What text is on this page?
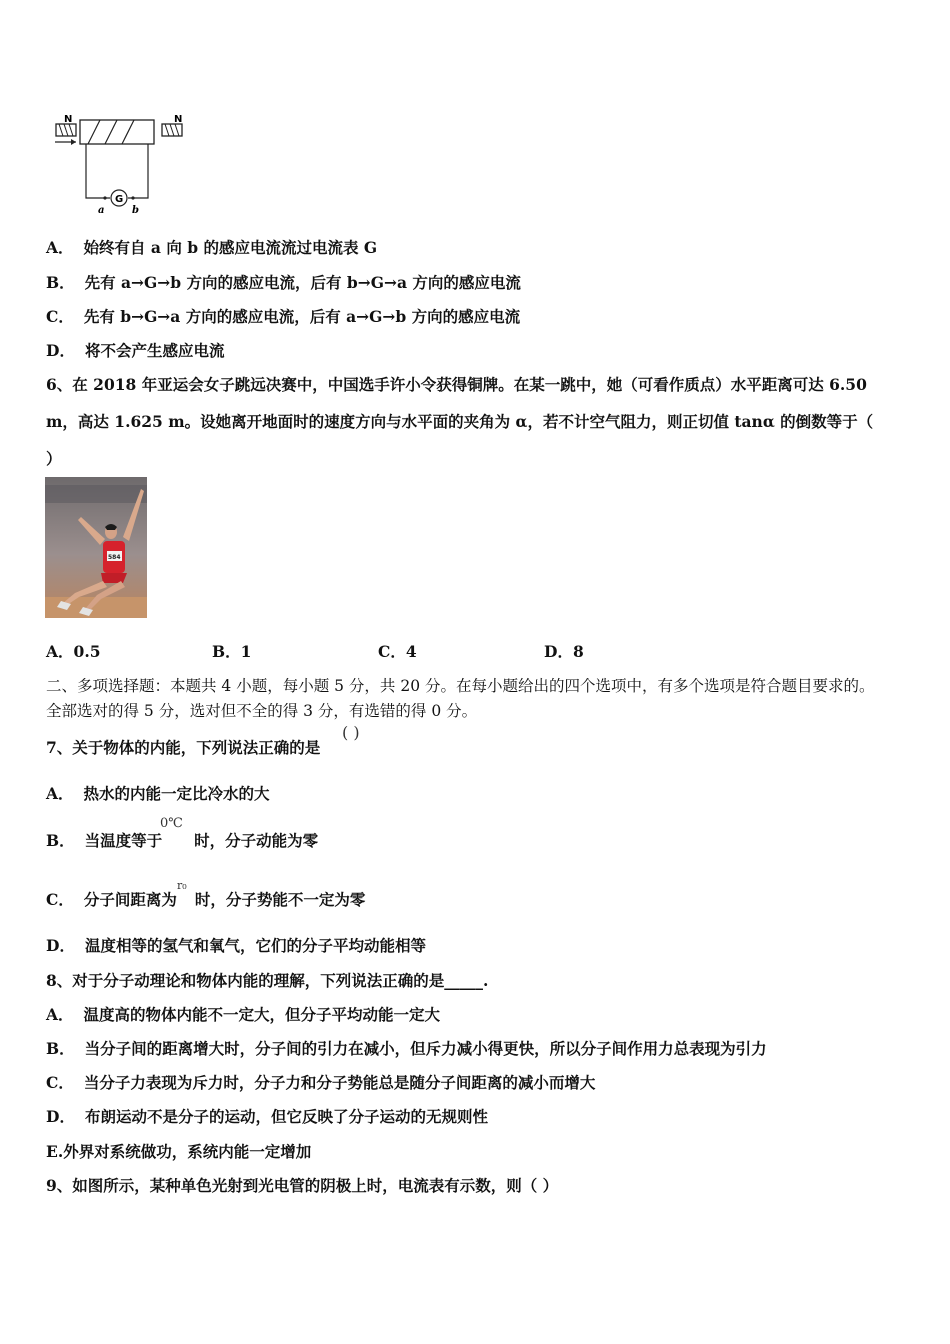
N	N
G
a	b
A． 始终有自 a 向 b 的感应电流流过电流表 G
B． 先有 a→G→b 方向的感应电流，后有 b→G→a 方向的感应电流
C． 先有 b→G→a 方向的感应电流，后有 a→G→b 方向的感应电流
D． 将不会产生感应电流
6、在 2018 年亚运会女子跳远决赛中，中国选手许小令获得铜牌。在某一跳中，她（可看作质点）水平距离可达 6.50
m，高达 1.625 m。设她离开地面时的速度方向与水平面的夹角为 α，若不计空气阻力，则正切值 tanα 的倒数等于（
）
584
A．0.5	B．1	C．4	D．8
二、多项选择题：本题共 4 小题，每小题 5 分，共 20 分。在每小题给出的四个选项中，有多个选项是符合题目要求的。
全部选对的得 5 分，选对但不全的得 3 分，有选错的得 0 分。
7、关于物体的内能，下列说法正确的是
( )
A． 热水的内能一定比冷水的大
B． 当温度等于 时，分子动能为零
0℃
C． 分子间距离为 时，分子势能不一定为零
r₀
D． 温度相等的氢气和氧气，它们的分子平均动能相等
8、对于分子动理论和物体内能的理解，下列说法正确的是_____.
A． 温度高的物体内能不一定大，但分子平均动能一定大
B． 当分子间的距离增大时，分子间的引力在减小，但斥力减小得更快，所以分子间作用力总表现为引力
C． 当分子力表现为斥力时，分子力和分子势能总是随分子间距离的减小而增大
D． 布朗运动不是分子的运动，但它反映了分子运动的无规则性
E.外界对系统做功，系统内能一定增加
9、如图所示，某种单色光射到光电管的阴极上时，电流表有示数，则（ ）
